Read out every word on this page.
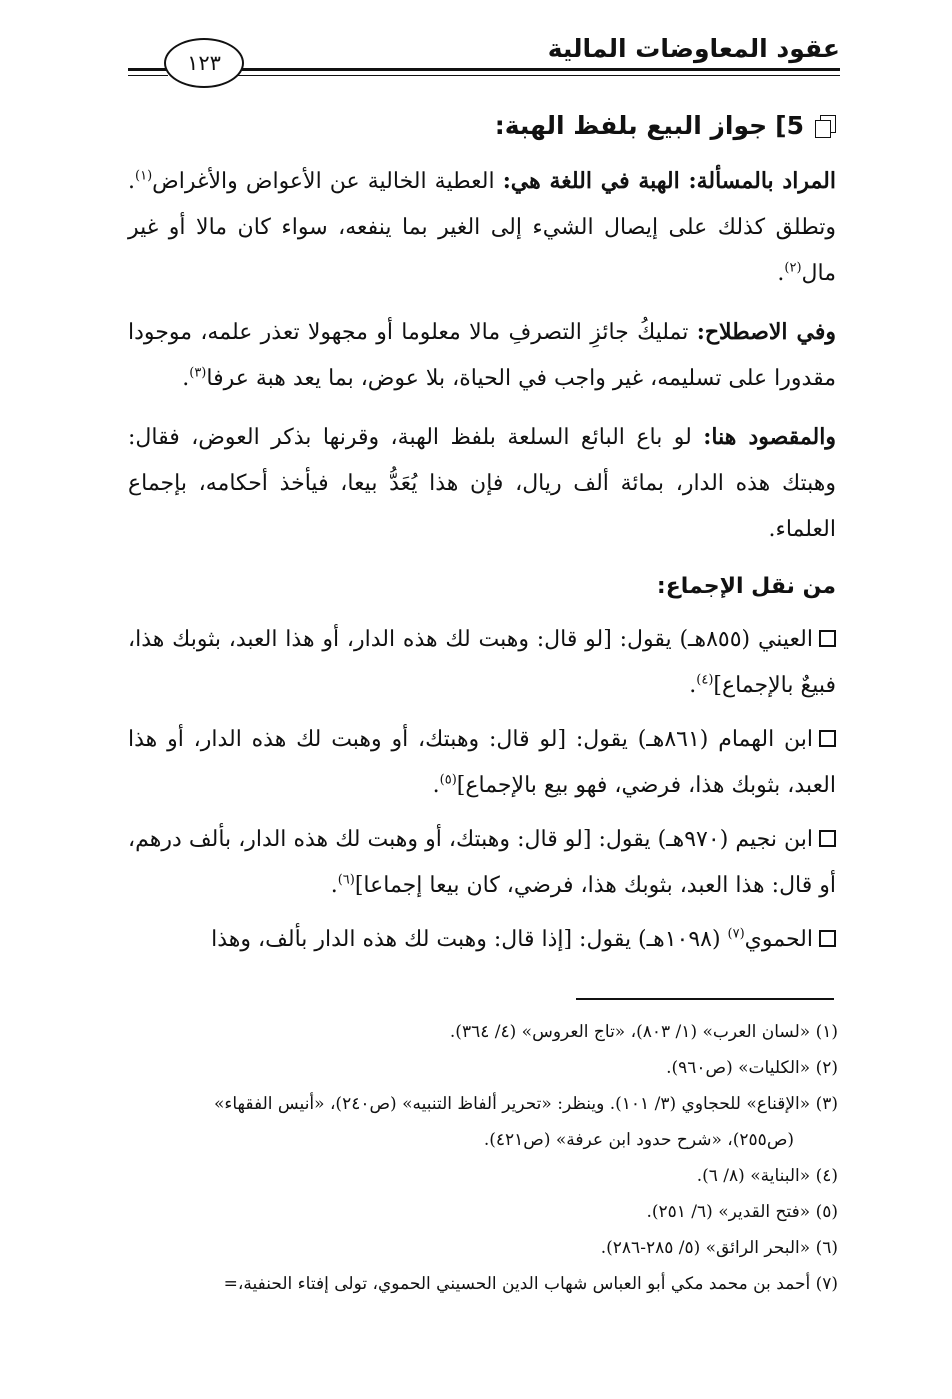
عقود المعاوضات المالية
١٢٣
5]
جواز البيع بلفظ الهبة:

المراد بالمسألة: الهبة في اللغة هي: العطية الخالية عن الأعواض والأغراض$^{(١)}$. وتطلق كذلك على إيصال الشيء إلى الغير بما ينفعه، سواء كان مالا أو غير مال$^{(٢)}$.

وفي الاصطلاح: تمليكُ جائزِ التصرفِ مالا معلوما أو مجهولا تعذر علمه، موجودا مقدورا على تسليمه، غير واجب في الحياة، بلا عوض، بما يعد هبة عرفا$^{(٣)}$.

والمقصود هنا: لو باع البائع السلعة بلفظ الهبة، وقرنها بذكر العوض، فقال: وهبتك هذه الدار، بمائة ألف ريال، فإن هذا يُعَدُّ بيعا، فيأخذ أحكامه، بإجماع العلماء.

من نقل الإجماع:

العيني (٨٥٥هـ) يقول: [لو قال: وهبت لك هذه الدار، أو هذا العبد، بثوبك هذا، فبيعٌ بالإجماع]$^{(٤)}$.

ابن الهمام (٨٦١هـ) يقول: [لو قال: وهبتك، أو وهبت لك هذه الدار، أو هذا العبد، بثوبك هذا، فرضي، فهو بيع بالإجماع]$^{(٥)}$.

ابن نجيم (٩٧٠هـ) يقول: [لو قال: وهبتك، أو وهبت لك هذه الدار، بألف درهم، أو قال: هذا العبد، بثوبك هذا، فرضي، كان بيعا إجماعا]$^{(٦)}$.

الحموي$^{(٧)}$ (١٠٩٨هـ) يقول: [إذا قال: وهبت لك هذه الدار بألف، وهذا

(١) «لسان العرب» (١/ ٨٠٣)، «تاج العروس» (٤/ ٣٦٤).

(٢) «الكليات» (ص٩٦٠).

(٣) «الإقناع» للحجاوي (٣/ ١٠١). وينظر: «تحرير ألفاظ التنبيه» (ص٢٤٠)، «أنيس الفقهاء»

(ص٢٥٥)، «شرح حدود ابن عرفة» (ص٤٢١).

(٤) «البناية» (٨/ ٦).

(٥) «فتح القدير» (٦/ ٢٥١).

(٦) «البحر الرائق» (٥/ ٢٨٥-٢٨٦).

(٧) أحمد بن محمد مكي أبو العباس شهاب الدين الحسيني الحموي، تولى إفتاء الحنفية،=
